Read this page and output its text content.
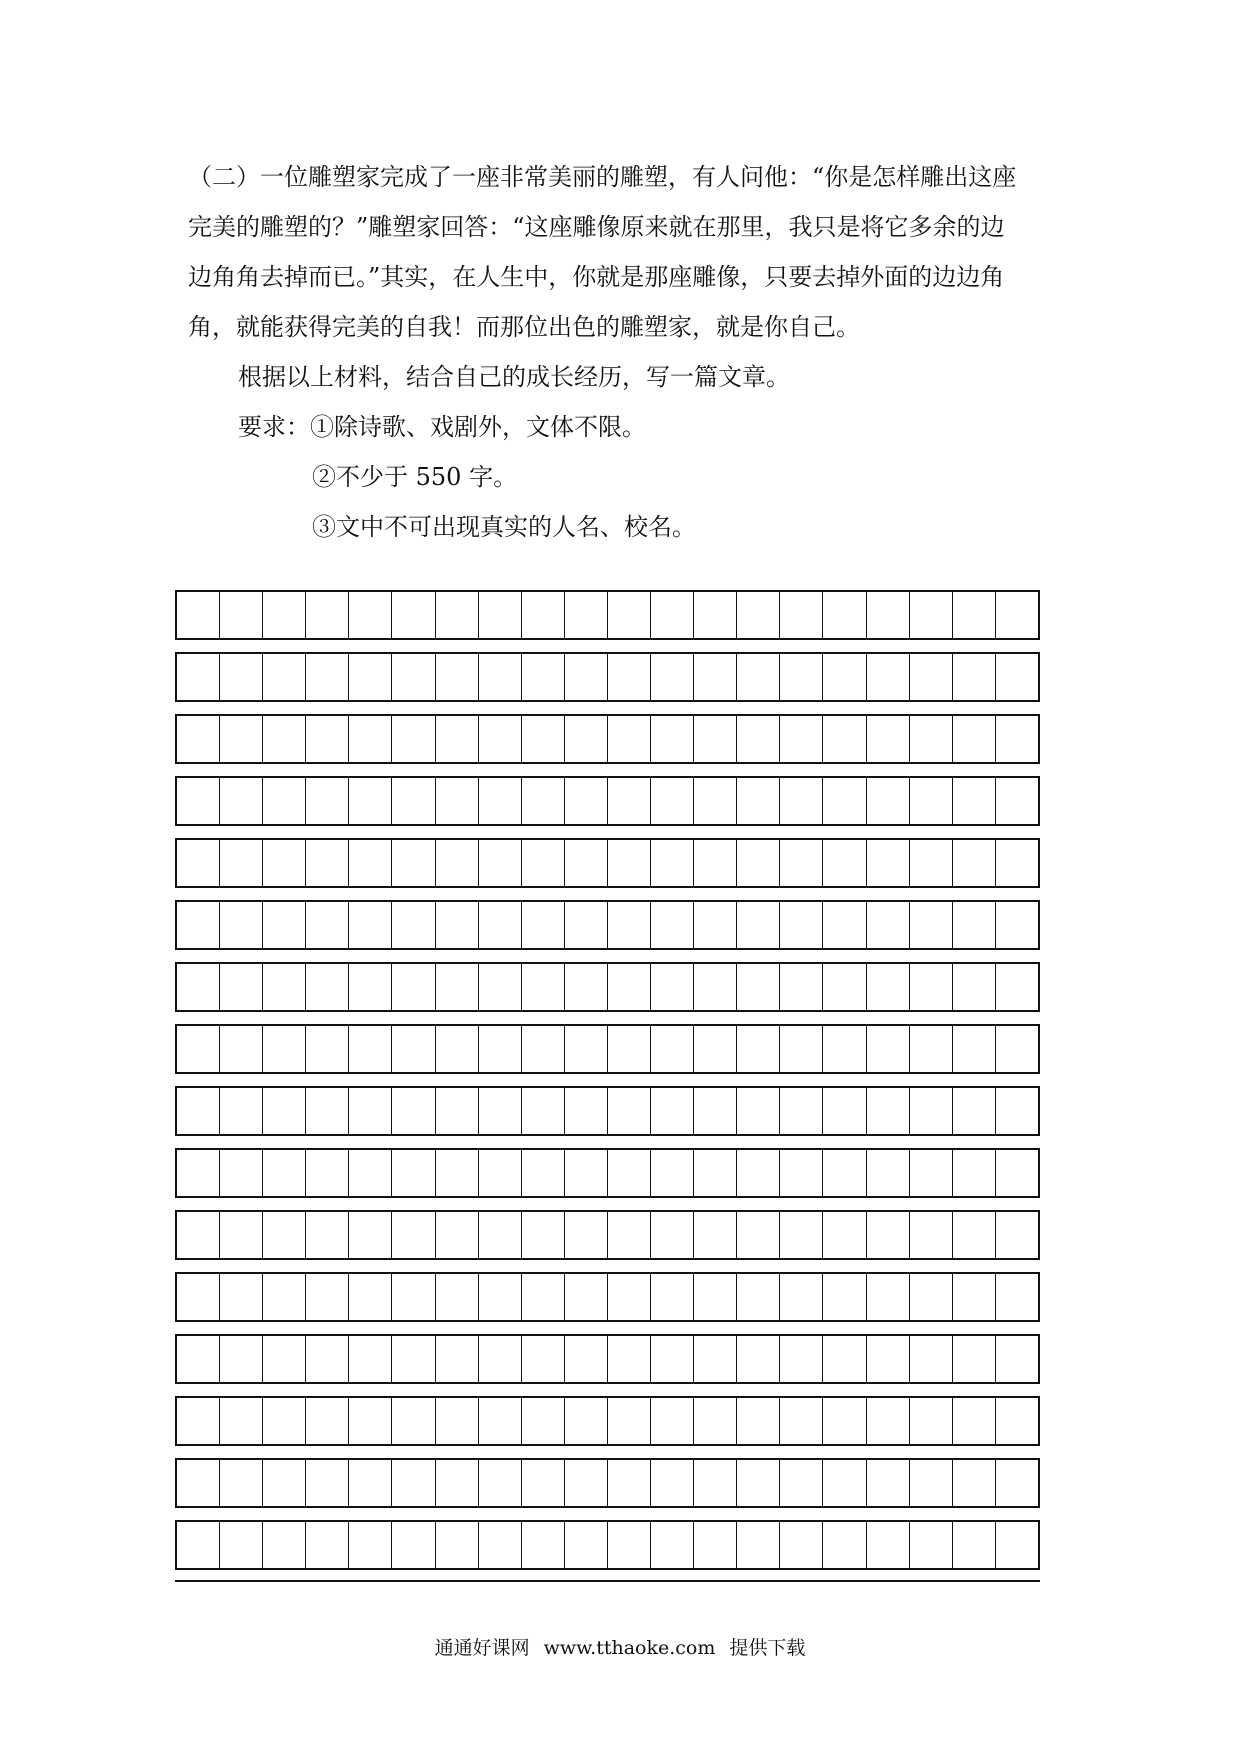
（二）一位雕塑家完成了一座非常美丽的雕塑，有人问他：“你是怎样雕出这座
完美的雕塑的？”雕塑家回答：“这座雕像原来就在那里，我只是将它多余的边
边角角去掉而已。”其实，在人生中，你就是那座雕像，只要去掉外面的边边角
角，就能获得完美的自我！而那位出色的雕塑家，就是你自己。

根据以上材料，结合自己的成长经历，写一篇文章。

要求：①除诗歌、戏剧外，文体不限。

②不少于 550 字。

③文中不可出现真实的人名、校名。

通通好课网 www.tthaoke.com 提供下载
